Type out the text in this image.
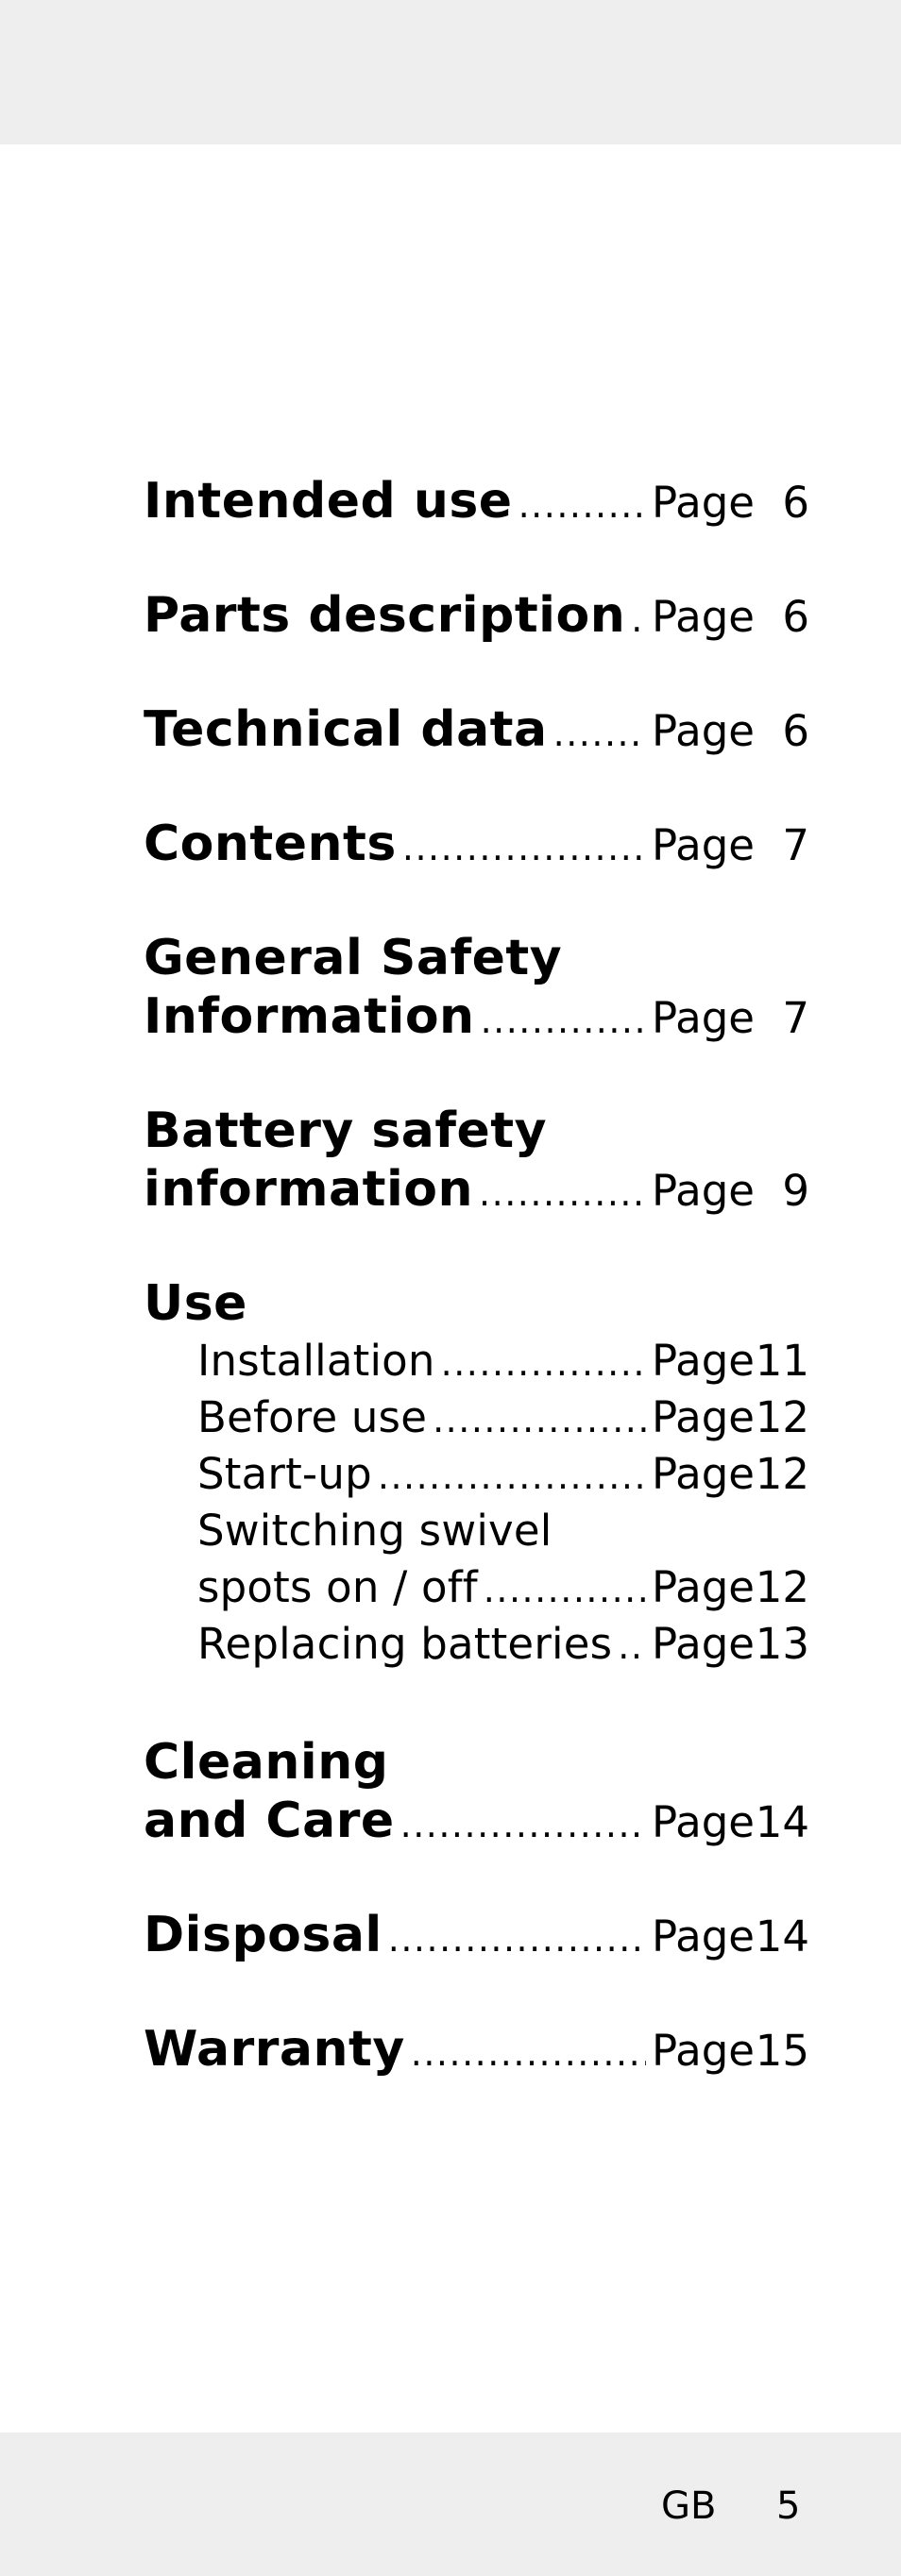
Intended use .....	Page 6
Parts description ..... Page 6
Technical data ..... Page 6
Contents .....	Page 7
General Safety
Information .....	Page 7
Battery safety
information .....	Page 9
Use
Installation .....	Page 11
Before use .....	Page 12
Start-up .....	Page 12
Switching swivel
spots on / off .....	Page 12
Replacing batteries ..... Page 13
Cleaning
and Care .....	Page 14
Disposal .....	Page 14
Warranty .....	Page 15
GB 5
